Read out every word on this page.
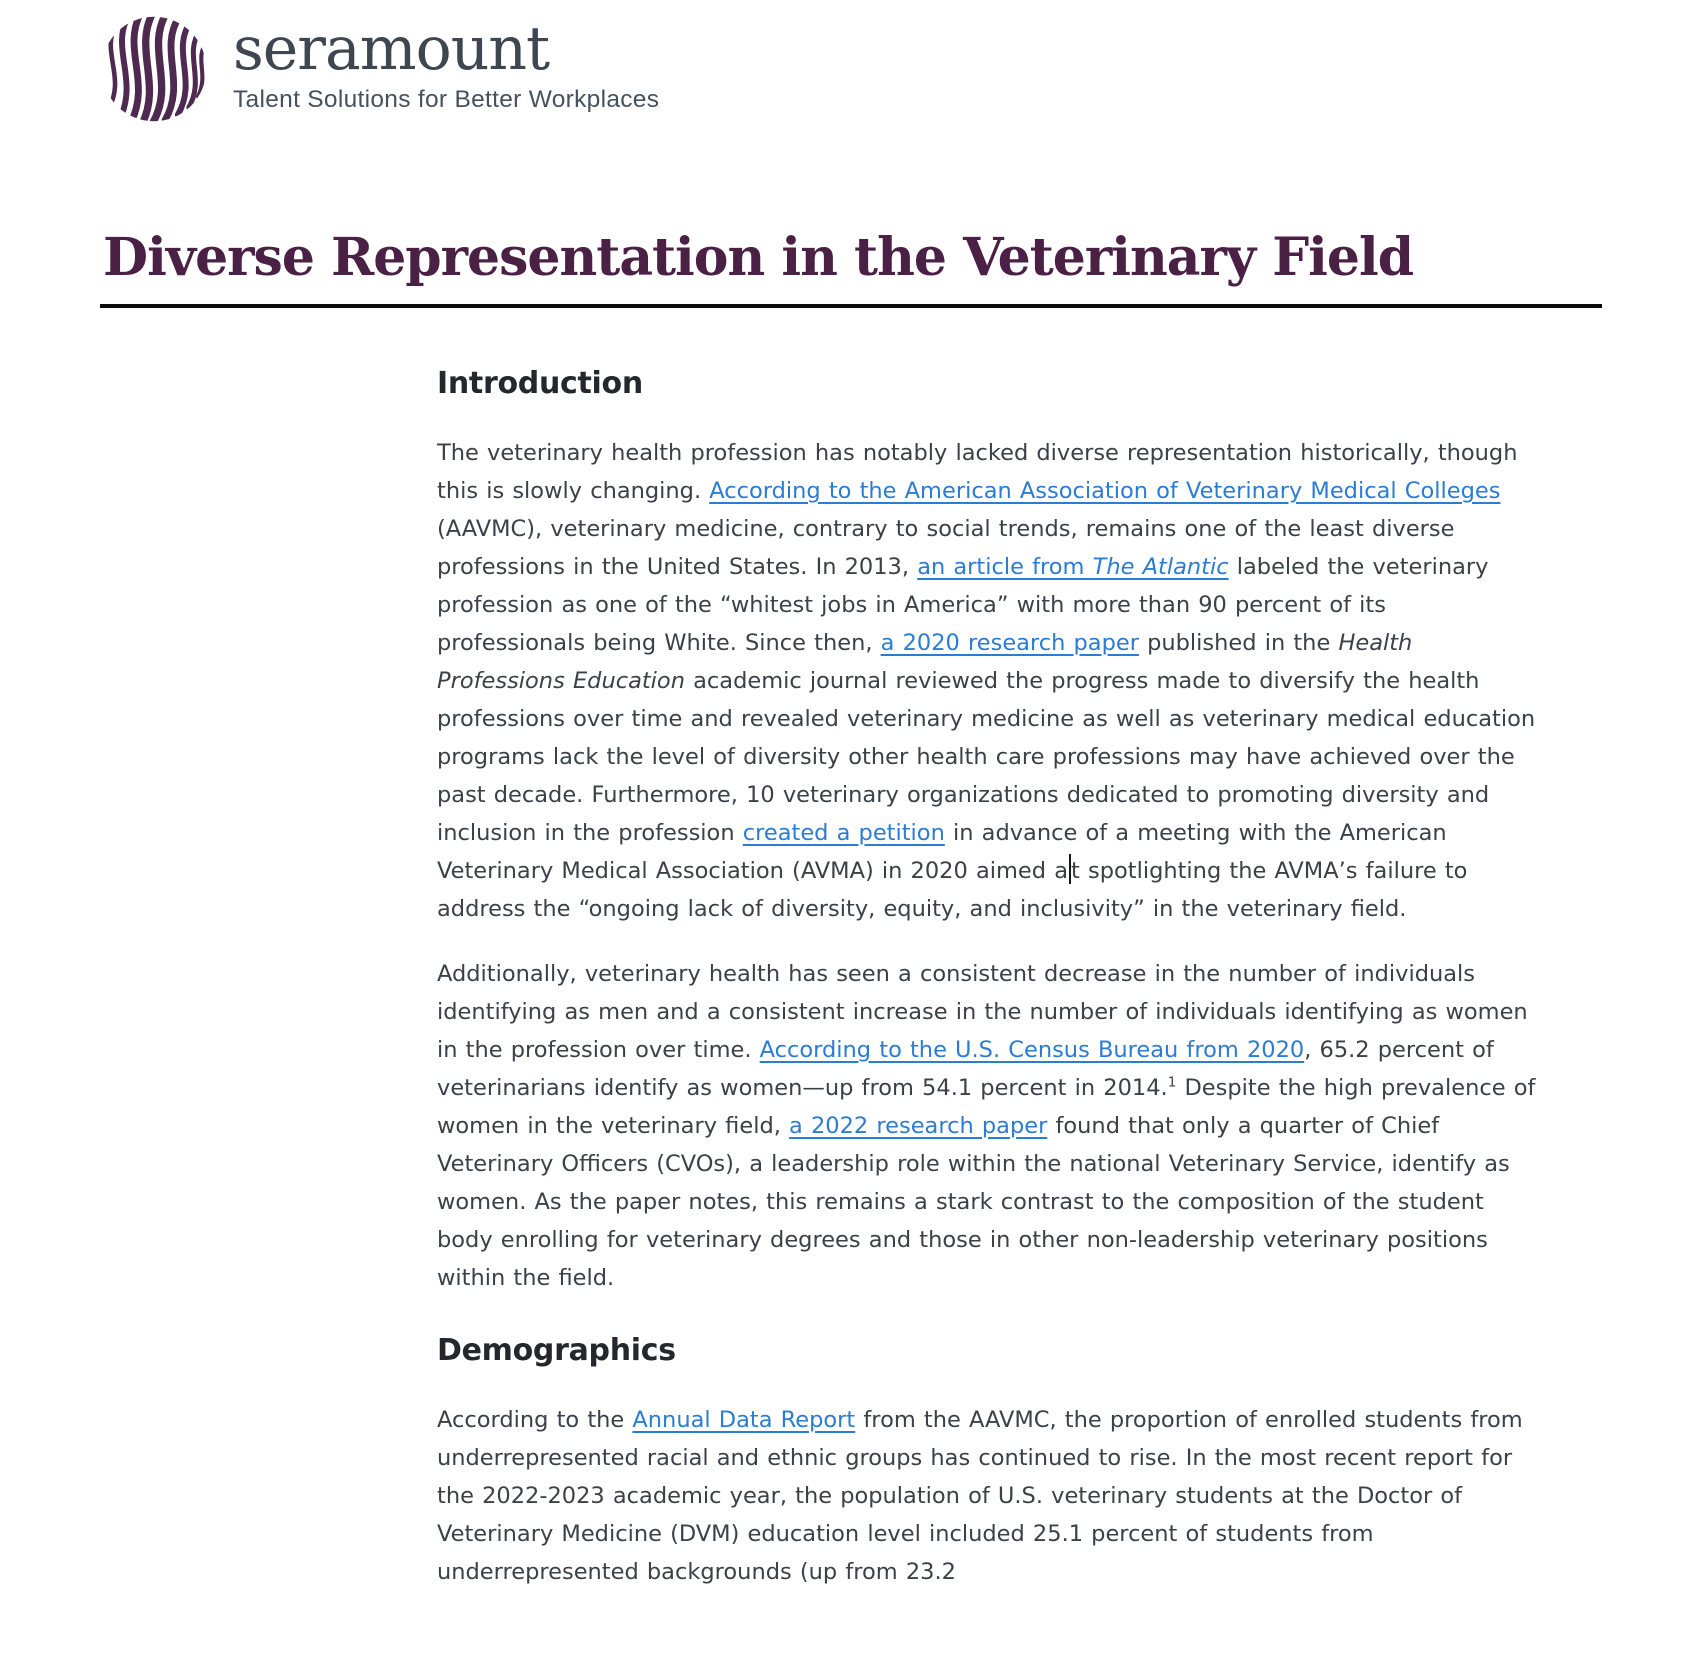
seramount
Talent Solutions for Better Workplaces
Diverse Representation in the Veterinary Field
Introduction

The veterinary health profession has notably lacked diverse representation historically, though this is slowly changing. According to the American Association of Veterinary Medical Colleges (AAVMC), veterinary medicine, contrary to social trends, remains one of the least diverse professions in the United States. In 2013, an article from The Atlantic labeled the veterinary profession as one of the “whitest jobs in America” with more than 90 percent of its professionals being White. Since then, a 2020 research paper published in the Health Professions Education academic journal reviewed the progress made to diversify the health professions over time and revealed veterinary medicine as well as veterinary medical education programs lack the level of diversity other health care professions may have achieved over the past decade. Furthermore, 10 veterinary organizations dedicated to promoting diversity and inclusion in the profession created a petition in advance of a meeting with the American Veterinary Medical Association (AVMA) in 2020 aimed a t spotlighting the AVMA’s failure to address the “ongoing lack of diversity, equity, and inclusivity” in the veterinary field.

Additionally, veterinary health has seen a consistent decrease in the number of individuals identifying as men and a consistent increase in the number of individuals identifying as women in the profession over time. According to the U.S. Census Bureau from 2020, 65.2 percent of veterinarians identify as women—up from 54.1 percent in 2014.$^1$ Despite the high prevalence of women in the veterinary field, a 2022 research paper found that only a quarter of Chief Veterinary Officers (CVOs), a leadership role within the national Veterinary Service, identify as women. As the paper notes, this remains a stark contrast to the composition of the student body enrolling for veterinary degrees and those in other non-leadership veterinary positions within the field.

Demographics

According to the Annual Data Report from the AAVMC, the proportion of enrolled students from underrepresented racial and ethnic groups has continued to rise. In the most recent report for the 2022-2023 academic year, the population of U.S. veterinary students at the Doctor of Veterinary Medicine (DVM) education level included 25.1 percent of students from underrepresented backgrounds (up from 23.2
